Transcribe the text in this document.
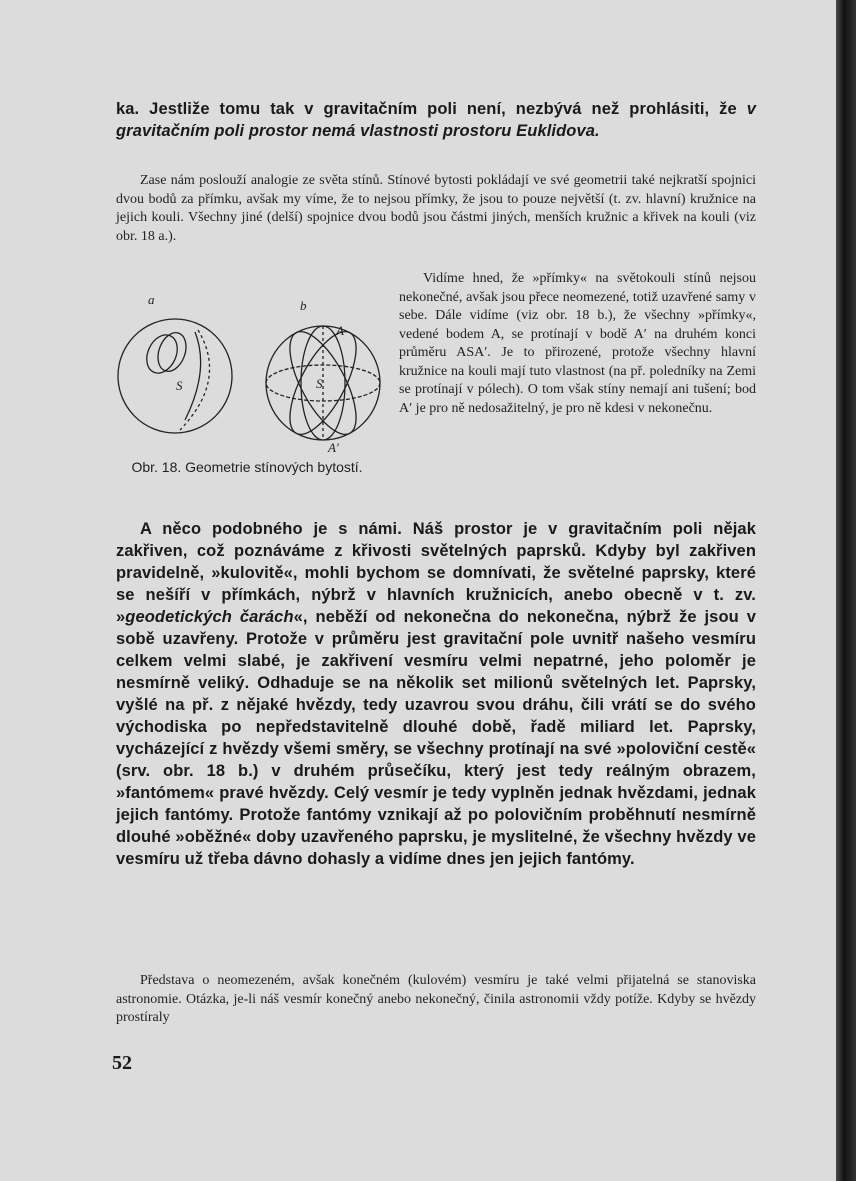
ka. Jestliže tomu tak v gravitačním poli není, nezbývá než prohlásiti, že v gravitačním poli prostor nemá vlastnosti prostoru Euklidova.
Zase nám poslouží analogie ze světa stínů. Stínové bytosti pokládají ve své geometrii také nejkratší spojnici dvou bodů za přímku, avšak my víme, že to nejsou přímky, že jsou to pouze největší (t. zv. hlavní) kružnice na jejich kouli. Všechny jiné (delší) spojnice dvou bodů jsou částmi jiných, menších kružnic a křivek na kouli (viz obr. 18 a.).
Vidíme hned, že »přímky« na světokouli stínů nejsou nekonečné, avšak jsou přece neomezené, totiž uzavřené samy v sebe. Dále vidíme (viz obr. 18 b.), že všechny »přímky«, vedené bodem A, se protínají v bodě A′ na druhém konci průměru ASA′. Je to přirozené, protože všechny hlavní kružnice na kouli mají tuto vlastnost (na př. poledníky na Zemi se protínají v pólech). O tom však stíny nemají ani tušení; bod A′ je pro ně nedosažitelný, je pro ně kdesi v nekonečnu.
a	b
S	S
A
A′
Obr. 18. Geometrie stínových bytostí.
A něco podobného je s námi. Náš prostor je v gravitačním poli nějak zakřiven, což poznáváme z křivosti světelných paprsků. Kdyby byl zakřiven pravidelně, »kulovitě«, mohli bychom se domnívati, že světelné paprsky, které se nešíří v přímkách, nýbrž v hlavních kružnicích, anebo obecně v t. zv. »geodetických čarách«, neběží od nekonečna do nekonečna, nýbrž že jsou v sobě uzavřeny. Protože v průměru jest gravitační pole uvnitř našeho vesmíru celkem velmi slabé, je zakřivení vesmíru velmi nepatrné, jeho poloměr je nesmírně veliký. Odhaduje se na několik set milionů světelných let. Paprsky, vyšlé na př. z nějaké hvězdy, tedy uzavrou svou dráhu, čili vrátí se do svého východiska po nepředstavitelně dlouhé době, řadě miliard let. Paprsky, vycházející z hvězdy všemi směry, se všechny protínají na své »poloviční cestě« (srv. obr. 18 b.) v druhém průsečíku, který jest tedy reálným obrazem, »fantómem« pravé hvězdy. Celý vesmír je tedy vyplněn jednak hvězdami, jednak jejich fantómy. Protože fantómy vznikají až po polovičním proběhnutí nesmírně dlouhé »oběžné« doby uzavřeného paprsku, je myslitelné, že všechny hvězdy ve vesmíru už třeba dávno dohasly a vidíme dnes jen jejich fantómy.
Představa o neomezeném, avšak konečném (kulovém) vesmíru je také velmi přijatelná se stanoviska astronomie. Otázka, je-li náš vesmír konečný anebo nekonečný, činila astronomii vždy potíže. Kdyby se hvězdy prostíraly
52
